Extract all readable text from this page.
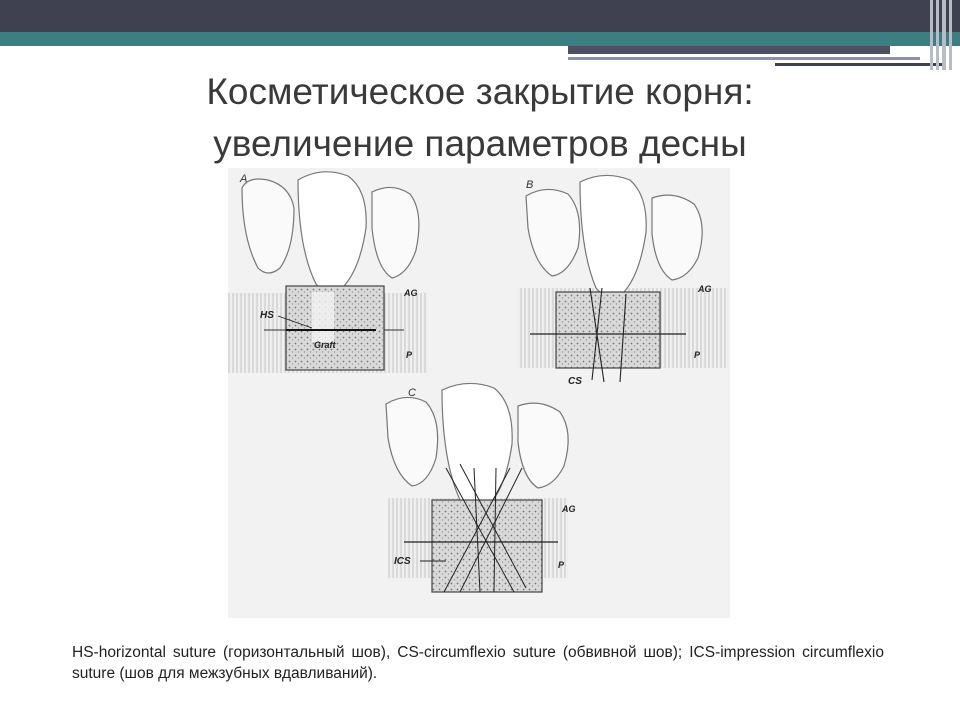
Косметическое закрытие корня:
увеличение параметров десны
A
HS
Graft
AG
P
B
CS
AG
P
C
ICS
AG
P
HS-horizontal suture (горизонтальный шов), CS-circumflexio suture (обвивной шов); ICS-impression circumflexio suture (шов для межзубных вдавливаний).
